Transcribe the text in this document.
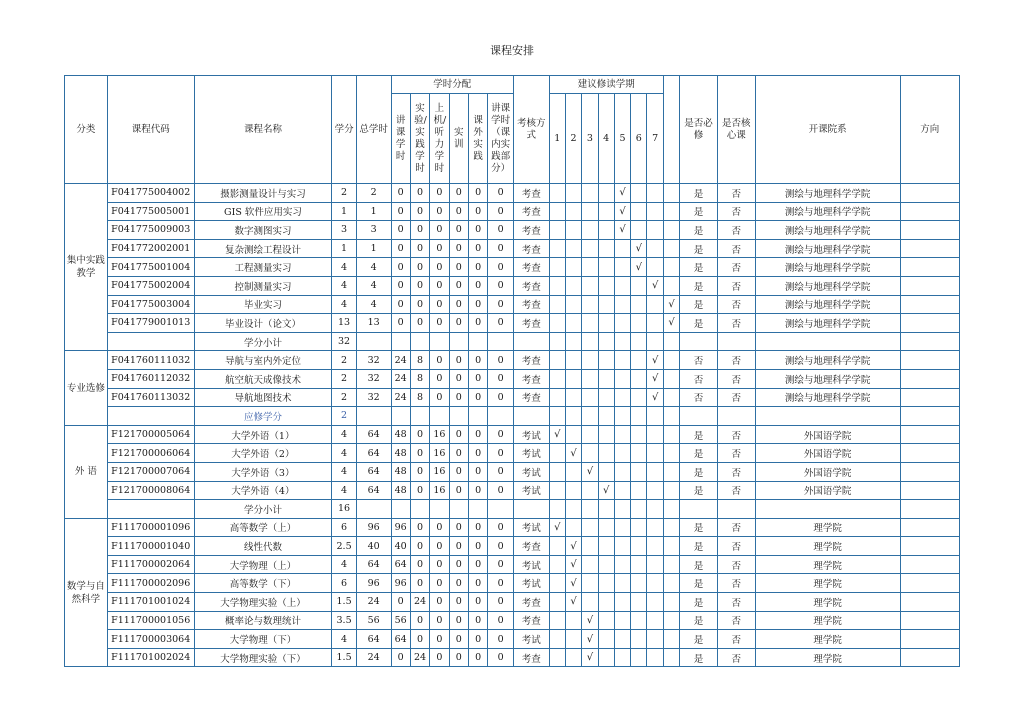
课程安排
分类	课程代码	课程名称	学分	总学时	学时分配						考核方式	建议修读学期								是否必修	是否核心课	开课院系	方向

					讲课学时	实验/实践学时	上机/听力学时	实训	课外实践	讲课学时（课内实践部分）		1	2	3	4	5	6	7					
集中实践教学	F041775004002	摄影测量设计与实习	2	2	0	0	0	0	0	0	考查					√				是	否	测绘与地理科学学院	
	F041775005001	GIS 软件应用实习	1	1	0	0	0	0	0	0	考查					√				是	否	测绘与地理科学学院	
	F041775009003	数字测图实习	3	3	0	0	0	0	0	0	考查					√				是	否	测绘与地理科学学院	
	F041772002001	复杂测绘工程设计	1	1	0	0	0	0	0	0	考查						√			是	否	测绘与地理科学学院	
	F041775001004	工程测量实习	4	4	0	0	0	0	0	0	考查						√			是	否	测绘与地理科学学院	
	F041775002004	控制测量实习	4	4	0	0	0	0	0	0	考查							√		是	否	测绘与地理科学学院	
	F041775003004	毕业实习	4	4	0	0	0	0	0	0	考查								√	是	否	测绘与地理科学学院	
	F041779001013	毕业设计（论文）	13	13	0	0	0	0	0	0	考查								√	是	否	测绘与地理科学学院	
		学分小计	32																				
专业选修	F041760111032	导航与室内外定位	2	32	24	8	0	0	0	0	考查							√		否	否	测绘与地理科学学院	
	F041760112032	航空航天成像技术	2	32	24	8	0	0	0	0	考查							√		否	否	测绘与地理科学学院	
	F041760113032	导航地图技术	2	32	24	8	0	0	0	0	考查							√		否	否	测绘与地理科学学院	
		应修学分	2																				
外 语	F121700005064	大学外语（1）	4	64	48	0	16	0	0	0	考试	√								是	否	外国语学院	
	F121700006064	大学外语（2）	4	64	48	0	16	0	0	0	考试		√							是	否	外国语学院	
	F121700007064	大学外语（3）	4	64	48	0	16	0	0	0	考试			√						是	否	外国语学院	
	F121700008064	大学外语（4）	4	64	48	0	16	0	0	0	考试				√					是	否	外国语学院	
		学分小计	16																				
数学与自然科学	F111700001096	高等数学（上）	6	96	96	0	0	0	0	0	考试	√								是	否	理学院	
	F111700001040	线性代数	2.5	40	40	0	0	0	0	0	考查		√							是	否	理学院	
	F111700002064	大学物理（上）	4	64	64	0	0	0	0	0	考试		√							是	否	理学院	
	F111700002096	高等数学（下）	6	96	96	0	0	0	0	0	考试		√							是	否	理学院	
	F111701001024	大学物理实验（上）	1.5	24	0	24	0	0	0	0	考查		√							是	否	理学院	
	F111700001056	概率论与数理统计	3.5	56	56	0	0	0	0	0	考查			√						是	否	理学院	
	F111700003064	大学物理（下）	4	64	64	0	0	0	0	0	考试			√						是	否	理学院	
	F111701002024	大学物理实验（下）	1.5	24	0	24	0	0	0	0	考查			√						是	否	理学院	
